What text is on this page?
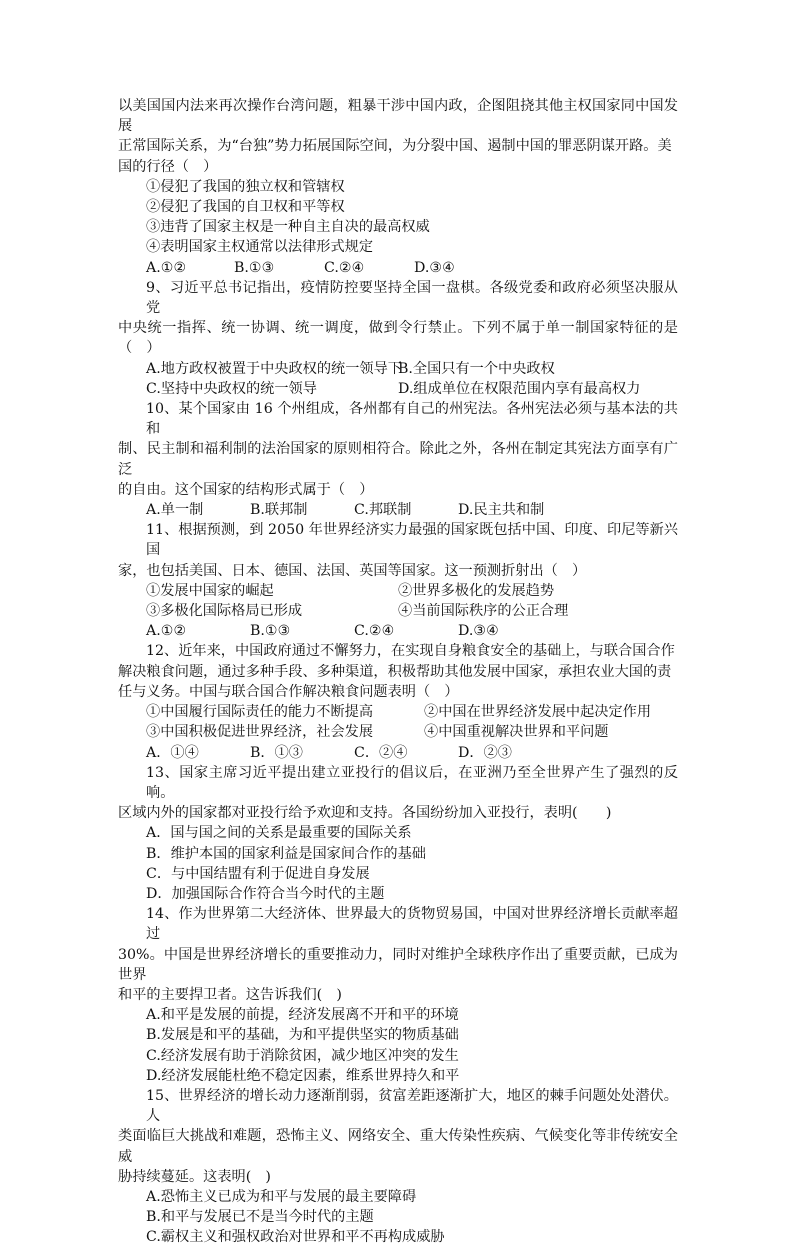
以美国国内法来再次操作台湾问题，粗暴干涉中国内政，企图阻挠其他主权国家同中国发展

正常国际关系，为“台独”势力拓展国际空间，为分裂中国、遏制中国的罪恶阴谋开路。美

国的行径（　）

①侵犯了我国的独立权和管辖权

②侵犯了我国的自卫权和平等权

③违背了国家主权是一种自主自决的最高权威

④表明国家主权通常以法律形式规定

A.①②	B.①③	C.②④	D.③④

9、习近平总书记指出，疫情防控要坚持全国一盘棋。各级党委和政府必须坚决服从党

中央统一指挥、统一协调、统一调度，做到令行禁止。下列不属于单一制国家特征的是（　）

A.地方政权被置于中央政权的统一领导下
B.全国只有一个中央政权
C.坚持中央政权的统一领导	D.组成单位在权限范围内享有最高权力

10、某个国家由 16 个州组成，各州都有自己的州宪法。各州宪法必须与基本法的共和

制、民主制和福利制的法治国家的原则相符合。除此之外，各州在制定其宪法方面享有广泛

的自由。这个国家的结构形式属于（　）

A.单一制	B.联邦制	C.邦联制	D.民主共和制

11、根据预测，到 2050 年世界经济实力最强的国家既包括中国、印度、印尼等新兴国

家，也包括美国、日本、德国、法国、英国等国家。这一预测折射出（　）

①发展中国家的崛起	②世界多极化的发展趋势
③多极化国际格局已形成	④当前国际秩序的公正合理
A.①②	B.①③	C.②④	D.③④

12、近年来，中国政府通过不懈努力，在实现自身粮食安全的基础上，与联合国合作

解决粮食问题，通过多种手段、多种渠道，积极帮助其他发展中国家，承担农业大国的责

任与义务。中国与联合国合作解决粮食问题表明（　）

①中国履行国际责任的能力不断提高	②中国在世界经济发展中起决定作用
③中国积极促进世界经济，社会发展	④中国重视解决世界和平问题
A．①④	B．①③	C．②④	D．②③

13、国家主席习近平提出建立亚投行的倡议后，在亚洲乃至全世界产生了强烈的反响。

区域内外的国家都对亚投行给予欢迎和支持。各国纷纷加入亚投行，表明(　　)

A．国与国之间的关系是最重要的国际关系

B．维护本国的国家利益是国家间合作的基础

C．与中国结盟有利于促进自身发展

D．加强国际合作符合当今时代的主题

14、作为世界第二大经济体、世界最大的货物贸易国，中国对世界经济增长贡献率超过

30%。中国是世界经济增长的重要推动力，同时对维护全球秩序作出了重要贡献，已成为世界

和平的主要捍卫者。这告诉我们(　)

A.和平是发展的前提，经济发展离不开和平的环境

B.发展是和平的基础，为和平提供坚实的物质基础

C.经济发展有助于消除贫困，减少地区冲突的发生

D.经济发展能杜绝不稳定因素，维系世界持久和平

15、世界经济的增长动力逐渐削弱，贫富差距逐渐扩大，地区的棘手问题处处潜伏。人

类面临巨大挑战和难题，恐怖主义、网络安全、重大传染性疾病、气候变化等非传统安全威

胁持续蔓延。这表明(　)

A.恐怖主义已成为和平与发展的最主要障碍

B.和平与发展已不是当今时代的主题

C.霸权主义和强权政治对世界和平不再构成威胁
